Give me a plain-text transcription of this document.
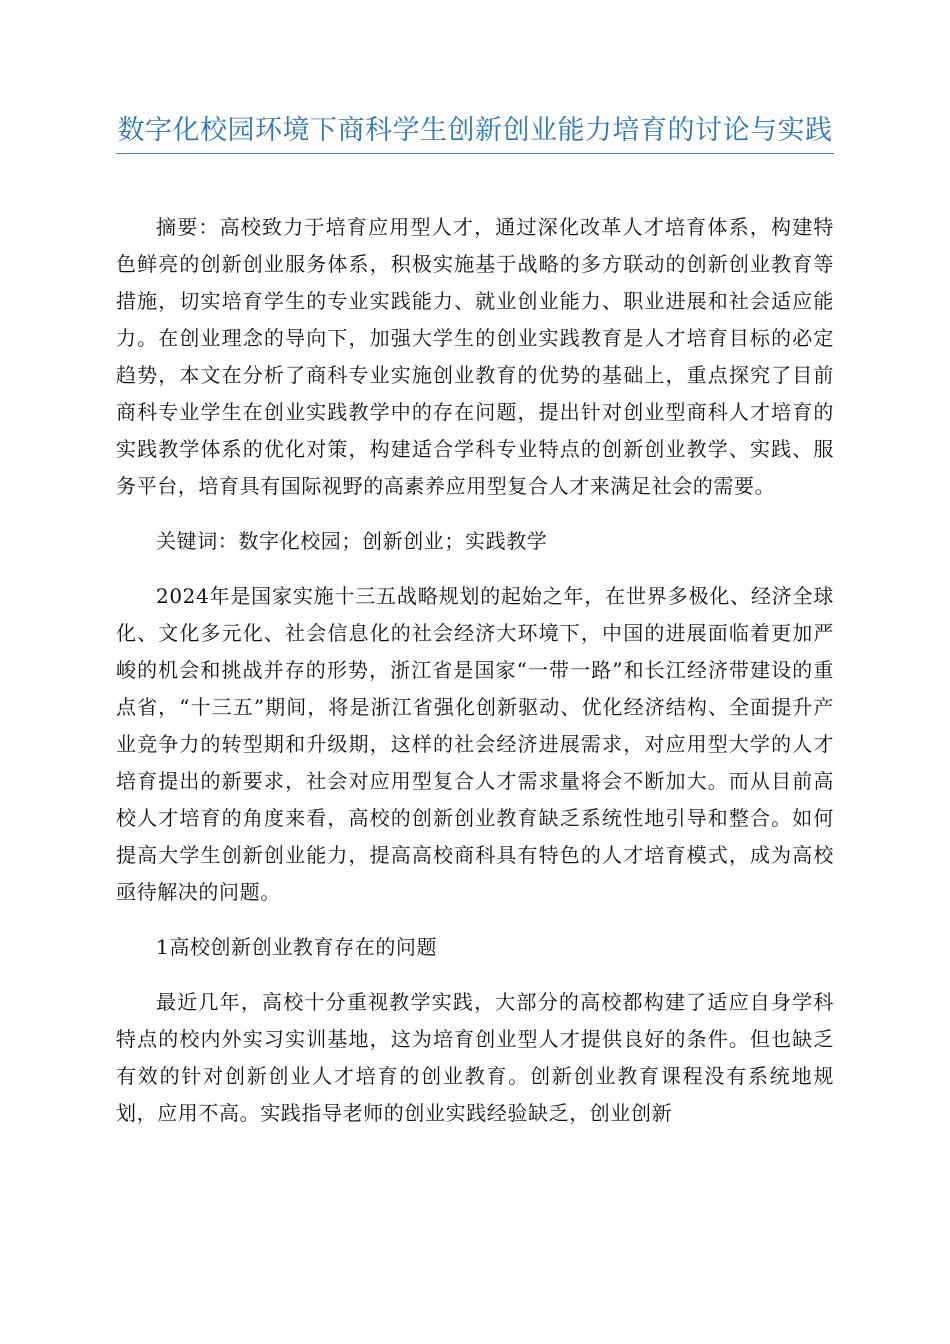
数字化校园环境下商科学生创新创业能力培育的讨论与实践

摘要：高校致力于培育应用型人才，通过深化改革人才培育体系，构建特色鲜亮的创新创业服务体系，积极实施基于战略的多方联动的创新创业教育等措施，切实培育学生的专业实践能力、就业创业能力、职业进展和社会适应能力。在创业理念的导向下，加强大学生的创业实践教育是人才培育目标的必定趋势，本文在分析了商科专业实施创业教育的优势的基础上，重点探究了目前商科专业学生在创业实践教学中的存在问题，提出针对创业型商科人才培育的实践教学体系的优化对策，构建适合学科专业特点的创新创业教学、实践、服务平台，培育具有国际视野的高素养应用型复合人才来满足社会的需要。

关键词：数字化校园；创新创业；实践教学

2024年是国家实施十三五战略规划的起始之年，在世界多极化、经济全球化、文化多元化、社会信息化的社会经济大环境下，中国的进展面临着更加严峻的机会和挑战并存的形势，浙江省是国家“一带一路”和长江经济带建设的重点省，“十三五”期间，将是浙江省强化创新驱动、优化经济结构、全面提升产业竞争力的转型期和升级期，这样的社会经济进展需求，对应用型大学的人才培育提出的新要求，社会对应用型复合人才需求量将会不断加大。而从目前高校人才培育的角度来看，高校的创新创业教育缺乏系统性地引导和整合。如何提高大学生创新创业能力，提高高校商科具有特色的人才培育模式，成为高校亟待解决的问题。

1高校创新创业教育存在的问题

最近几年，高校十分重视教学实践，大部分的高校都构建了适应自身学科特点的校内外实习实训基地，这为培育创业型人才提供良好的条件。但也缺乏有效的针对创新创业人才培育的创业教育。创新创业教育课程没有系统地规划，应用不高。实践指导老师的创业实践经验缺乏，创业创新
